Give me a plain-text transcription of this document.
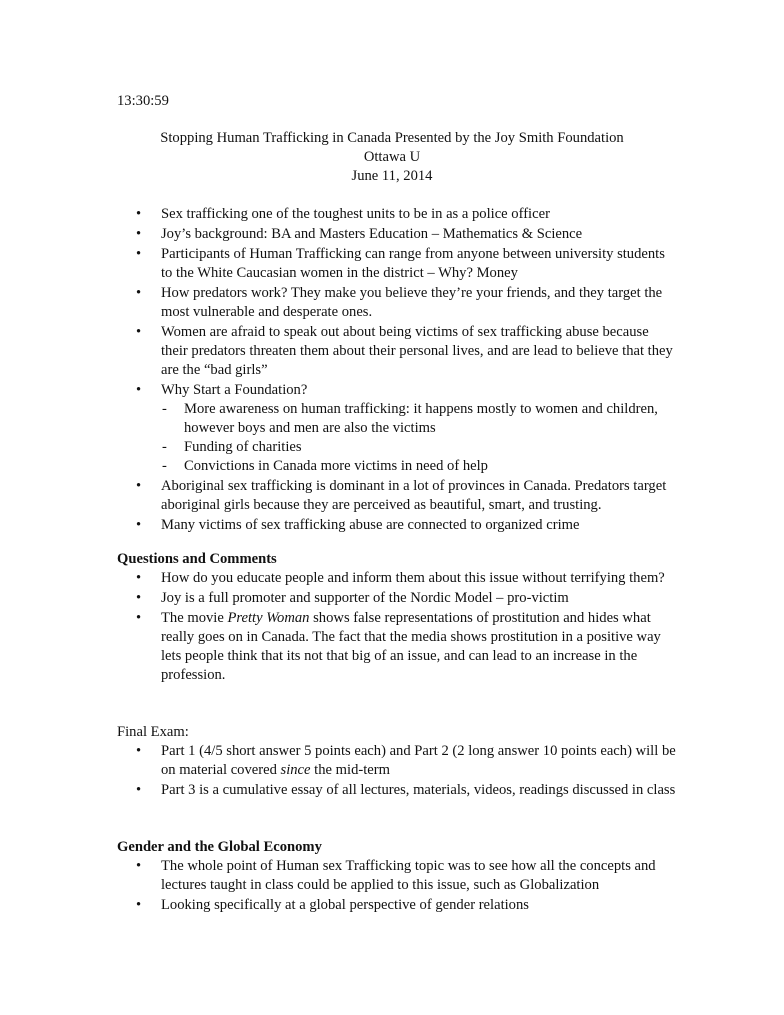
13:30:59
Stopping Human Trafficking in Canada Presented by the Joy Smith Foundation
Ottawa U
June 11, 2014
• Sex trafficking one of the toughest units to be in as a police officer
• Joy’s background: BA and Masters Education – Mathematics & Science
• Participants of Human Trafficking can range from anyone between university students to the White Caucasian women in the district – Why? Money
• How predators work? They make you believe they’re your friends, and they target the most vulnerable and desperate ones.
• Women are afraid to speak out about being victims of sex trafficking abuse because their predators threaten them about their personal lives, and are lead to believe that they are the “bad girls”
• Why Start a Foundation?
- More awareness on human trafficking: it happens mostly to women and children, however boys and men are also the victims
- Funding of charities
- Convictions in Canada more victims in need of help
• Aboriginal sex trafficking is dominant in a lot of provinces in Canada. Predators target aboriginal girls because they are perceived as beautiful, smart, and trusting.
• Many victims of sex trafficking abuse are connected to organized crime
Questions and Comments
• How do you educate people and inform them about this issue without terrifying them?
• Joy is a full promoter and supporter of the Nordic Model – pro-victim
• The movie Pretty Woman shows false representations of prostitution and hides what really goes on in Canada. The fact that the media shows prostitution in a positive way lets people think that its not that big of an issue, and can lead to an increase in the profession.
Final Exam:
• Part 1 (4/5 short answer 5 points each) and Part 2 (2 long answer 10 points each) will be on material covered since the mid-term
• Part 3 is a cumulative essay of all lectures, materials, videos, readings discussed in class
Gender and the Global Economy
• The whole point of Human sex Trafficking topic was to see how all the concepts and lectures taught in class could be applied to this issue, such as Globalization
• Looking specifically at a global perspective of gender relations
